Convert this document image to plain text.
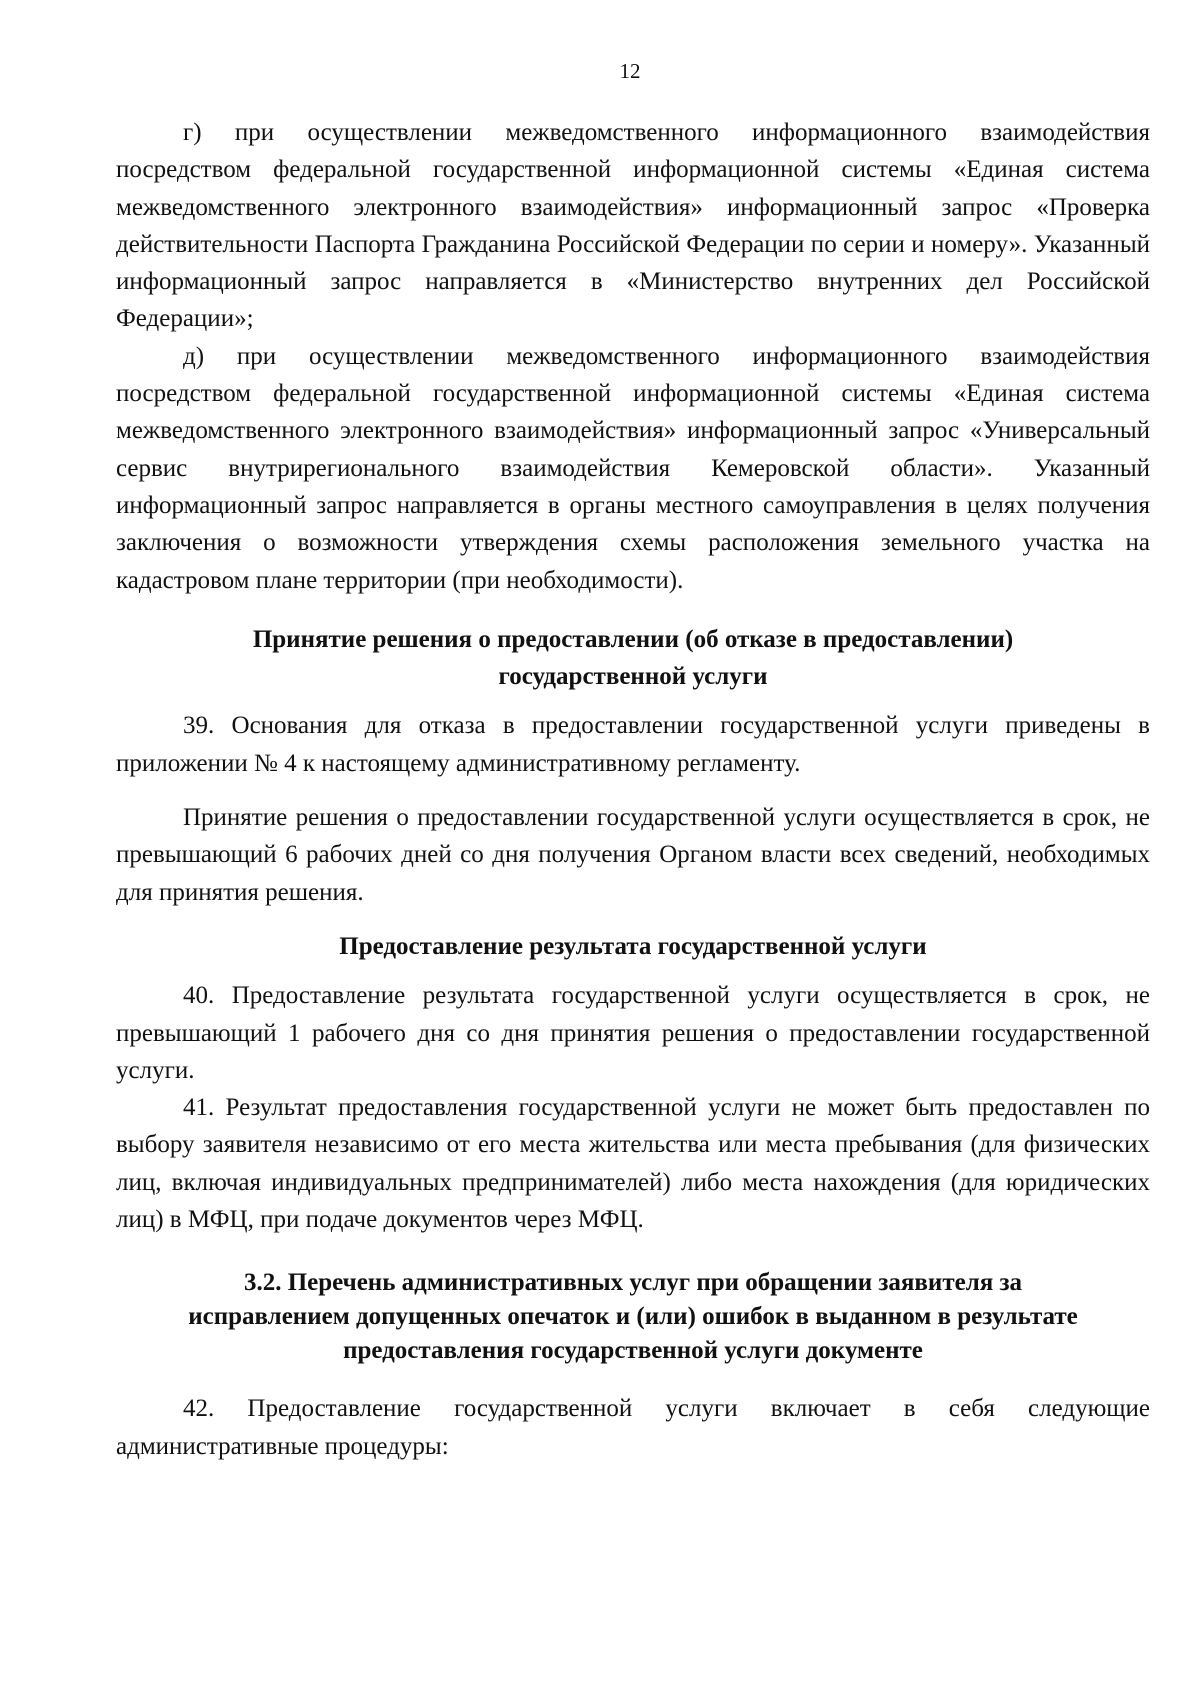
12

г) при осуществлении межведомственного информационного взаимодействия посредством федеральной государственной информационной системы «Единая система межведомственного электронного взаимодействия» информационный запрос «Проверка действительности Паспорта Гражданина Российской Федерации по серии и номеру». Указанный информационный запрос направляется в «Министерство внутренних дел Российской Федерации»;

д) при осуществлении межведомственного информационного взаимодействия посредством федеральной государственной информационной системы «Единая система межведомственного электронного взаимодействия» информационный запрос «Универсальный сервис внутрирегионального взаимодействия Кемеровской области». Указанный информационный запрос направляется в органы местного самоуправления в целях получения заключения о возможности утверждения схемы расположения земельного участка на кадастровом плане территории (при необходимости).

Принятие решения о предоставлении (об отказе в предоставлении)

государственной услуги

39. Основания для отказа в предоставлении государственной услуги приведены в приложении № 4 к настоящему административному регламенту.

Принятие решения о предоставлении государственной услуги осуществляется в срок, не превышающий 6 рабочих дней со дня получения Органом власти всех сведений, необходимых для принятия решения.

Предоставление результата государственной услуги

40. Предоставление результата государственной услуги осуществляется в срок, не превышающий 1 рабочего дня со дня принятия решения о предоставлении государственной услуги.

41. Результат предоставления государственной услуги не может быть предоставлен по выбору заявителя независимо от его места жительства или места пребывания (для физических лиц, включая индивидуальных предпринимателей) либо места нахождения (для юридических лиц) в МФЦ, при подаче документов через МФЦ.

3.2. Перечень административных услуг при обращении заявителя за

исправлением допущенных опечаток и (или) ошибок в выданном в результате

предоставления государственной услуги документе

42. Предоставление государственной услуги включает в себя следующие административные процедуры:
